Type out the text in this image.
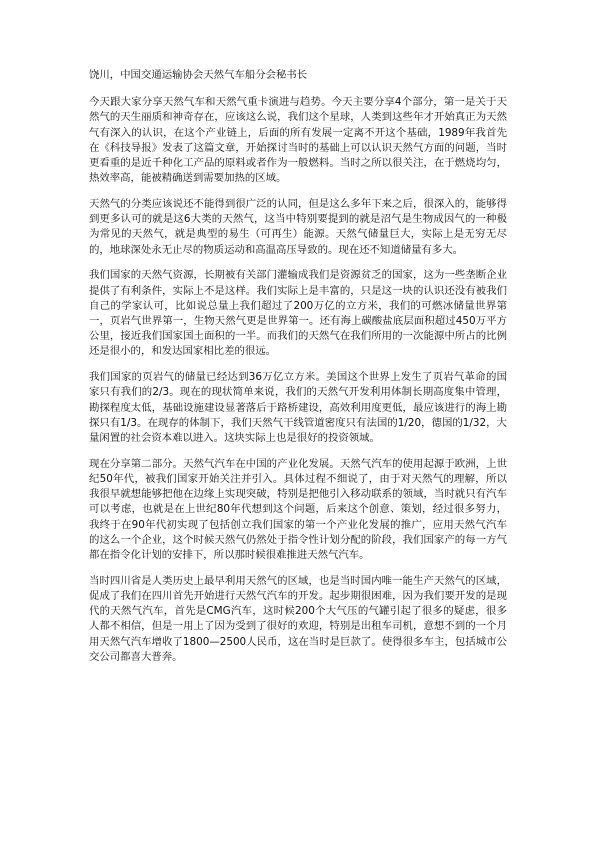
饶川，中国交通运输协会天然气车船分会秘书长

今天跟大家分享天然气车和天然气重卡演进与趋势。今天主要分享4个部分，第一是关于天然气的天生丽质和神奇存在，应该这么说，我们这个星球，人类到这些年才开始真正为天然气有深入的认识，在这个产业链上，后面的所有发展一定离不开这个基础，1989年我首先在《科技导报》发表了这篇文章，开始探讨当时的基础上可以认识天然气方面的问题，当时更看重的是近千种化工产品的原料或者作为一般燃料。当时之所以很关注，在于燃烧均匀，热效率高，能被精确送到需要加热的区域。

天然气的分类应该说还不能得到很广泛的认同，但是这么多年下来之后，很深入的，能够得到更多认可的就是这6大类的天然气，这当中特别要提到的就是沼气是生物成因气的一种极为常见的天然气，就是典型的易生（可再生）能源。天然气储量巨大，实际上是无穷无尽的，地球深处永无止尽的物质运动和高温高压导致的。现在还不知道储量有多大。

我们国家的天然气资源，长期被有关部门灌输成我们是资源贫乏的国家，这为一些垄断企业提供了有利条件，实际上不是这样。我们实际上是丰富的，只是这一块的认识还没有被我们自己的学家认可，比如说总量上我们超过了200万亿的立方米，我们的可燃冰储量世界第一，页岩气世界第一，生物天然气更是世界第一。还有海上碳酸盐底层面积超过450万平方公里，接近我们国家国土面积的一半。而我们的天然气在我们所用的一次能源中所占的比例还是很小的，和发达国家相比差的很远。

我们国家的页岩气的储量已经达到36万亿立方米。美国这个世界上发生了页岩气革命的国家只有我们的2/3。现在的现状简单来说，我们的天然气开发利用体制长期高度集中管理，勘探程度太低，基础设施建设显著落后于路桥建设，高效利用度更低，最应该进行的海上勘探只有1/3。在现存的体制下，我们天然气干线管道密度只有法国的1/20，德国的1/32，大量闲置的社会资本难以进入。这块实际上也是很好的投资领域。

现在分享第二部分。天然气汽车在中国的产业化发展。天然气汽车的使用起源于欧洲，上世纪50年代，被我们国家开始关注并引入。具体过程不细说了，由于对天然气的理解，所以我很早就想能够把他在边缘上实现突破，特别是把他引入移动联系的领域，当时就只有汽车可以考虑，也就是在上世纪80年代想到这个问题，后来这个创意、策划，经过很多努力，我终于在90年代初实现了包括创立我们国家的第一个产业化发展的推广，应用天然气汽车的这么一个企业，这个时候天然气仍然处于指令性计划分配的阶段，我们国家产的每一方气都在指令化计划的安排下，所以那时候很难推进天然气汽车。

当时四川省是人类历史上最早利用天然气的区域，也是当时国内唯一能生产天然气的区域，促成了我们在四川首先开始进行天然气汽车的开发。起步期很困难，因为我们要开发的是现代的天然气汽车，首先是CMG汽车，这时候200个大气压的气罐引起了很多的疑虑，很多人都不相信，但是一用上了因为受到了很好的欢迎，特别是出租车司机，意想不到的一个月用天然气汽车增收了1800—2500人民币，这在当时是巨款了。使得很多车主，包括城市公交公司都喜大普奔。
